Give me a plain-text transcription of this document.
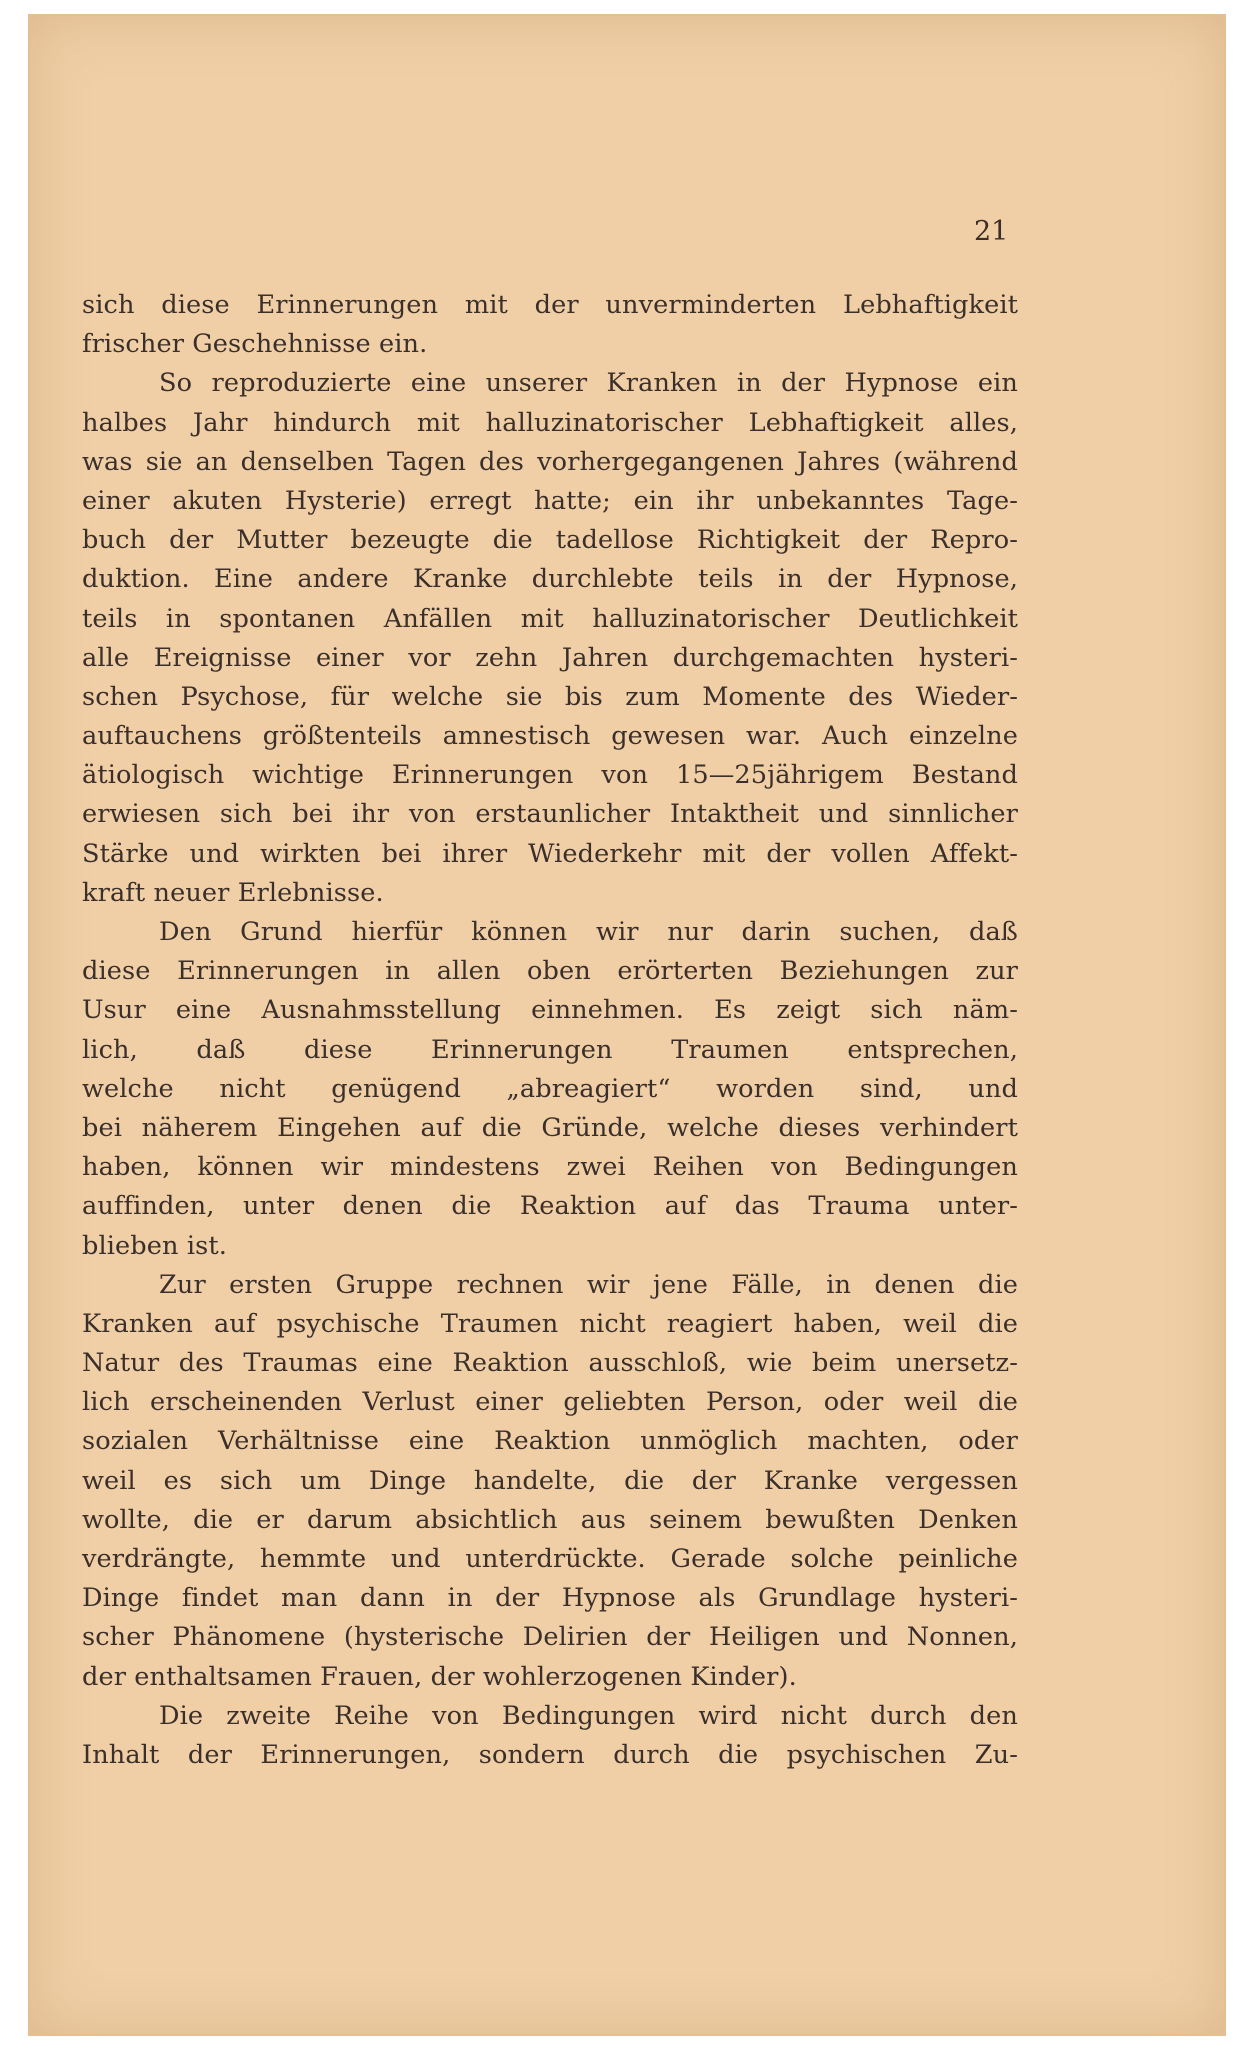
21
sich diese Erinnerungen mit der unverminderten Lebhaftigkeit
frischer Geschehnisse ein.
So reproduzierte eine unserer Kranken in der Hypnose ein
halbes Jahr hindurch mit halluzinatorischer Lebhaftigkeit alles,
was sie an denselben Tagen des vorhergegangenen Jahres (während
einer akuten Hysterie) erregt hatte; ein ihr unbekanntes Tage-
buch der Mutter bezeugte die tadellose Richtigkeit der Repro-
duktion. Eine andere Kranke durchlebte teils in der Hypnose,
teils in spontanen Anfällen mit halluzinatorischer Deutlichkeit
alle Ereignisse einer vor zehn Jahren durchgemachten hysteri-
schen Psychose, für welche sie bis zum Momente des Wieder-
auftauchens größtenteils amnestisch gewesen war. Auch einzelne
ätiologisch wichtige Erinnerungen von 15—25jährigem Bestand
erwiesen sich bei ihr von erstaunlicher Intaktheit und sinnlicher
Stärke und wirkten bei ihrer Wiederkehr mit der vollen Affekt-
kraft neuer Erlebnisse.
Den Grund hierfür können wir nur darin suchen, daß
diese Erinnerungen in allen oben erörterten Beziehungen zur
Usur eine Ausnahmsstellung einnehmen. Es zeigt sich näm-
lich, daß diese Erinnerungen Traumen entsprechen,
welche nicht genügend „abreagiert“ worden sind, und
bei näherem Eingehen auf die Gründe, welche dieses verhindert
haben, können wir mindestens zwei Reihen von Bedingungen
auffinden, unter denen die Reaktion auf das Trauma unter-
blieben ist.
Zur ersten Gruppe rechnen wir jene Fälle, in denen die
Kranken auf psychische Traumen nicht reagiert haben, weil die
Natur des Traumas eine Reaktion ausschloß, wie beim unersetz-
lich erscheinenden Verlust einer geliebten Person, oder weil die
sozialen Verhältnisse eine Reaktion unmöglich machten, oder
weil es sich um Dinge handelte, die der Kranke vergessen
wollte, die er darum absichtlich aus seinem bewußten Denken
verdrängte, hemmte und unterdrückte. Gerade solche peinliche
Dinge findet man dann in der Hypnose als Grundlage hysteri-
scher Phänomene (hysterische Delirien der Heiligen und Nonnen,
der enthaltsamen Frauen, der wohlerzogenen Kinder).
Die zweite Reihe von Bedingungen wird nicht durch den
Inhalt der Erinnerungen, sondern durch die psychischen Zu-
